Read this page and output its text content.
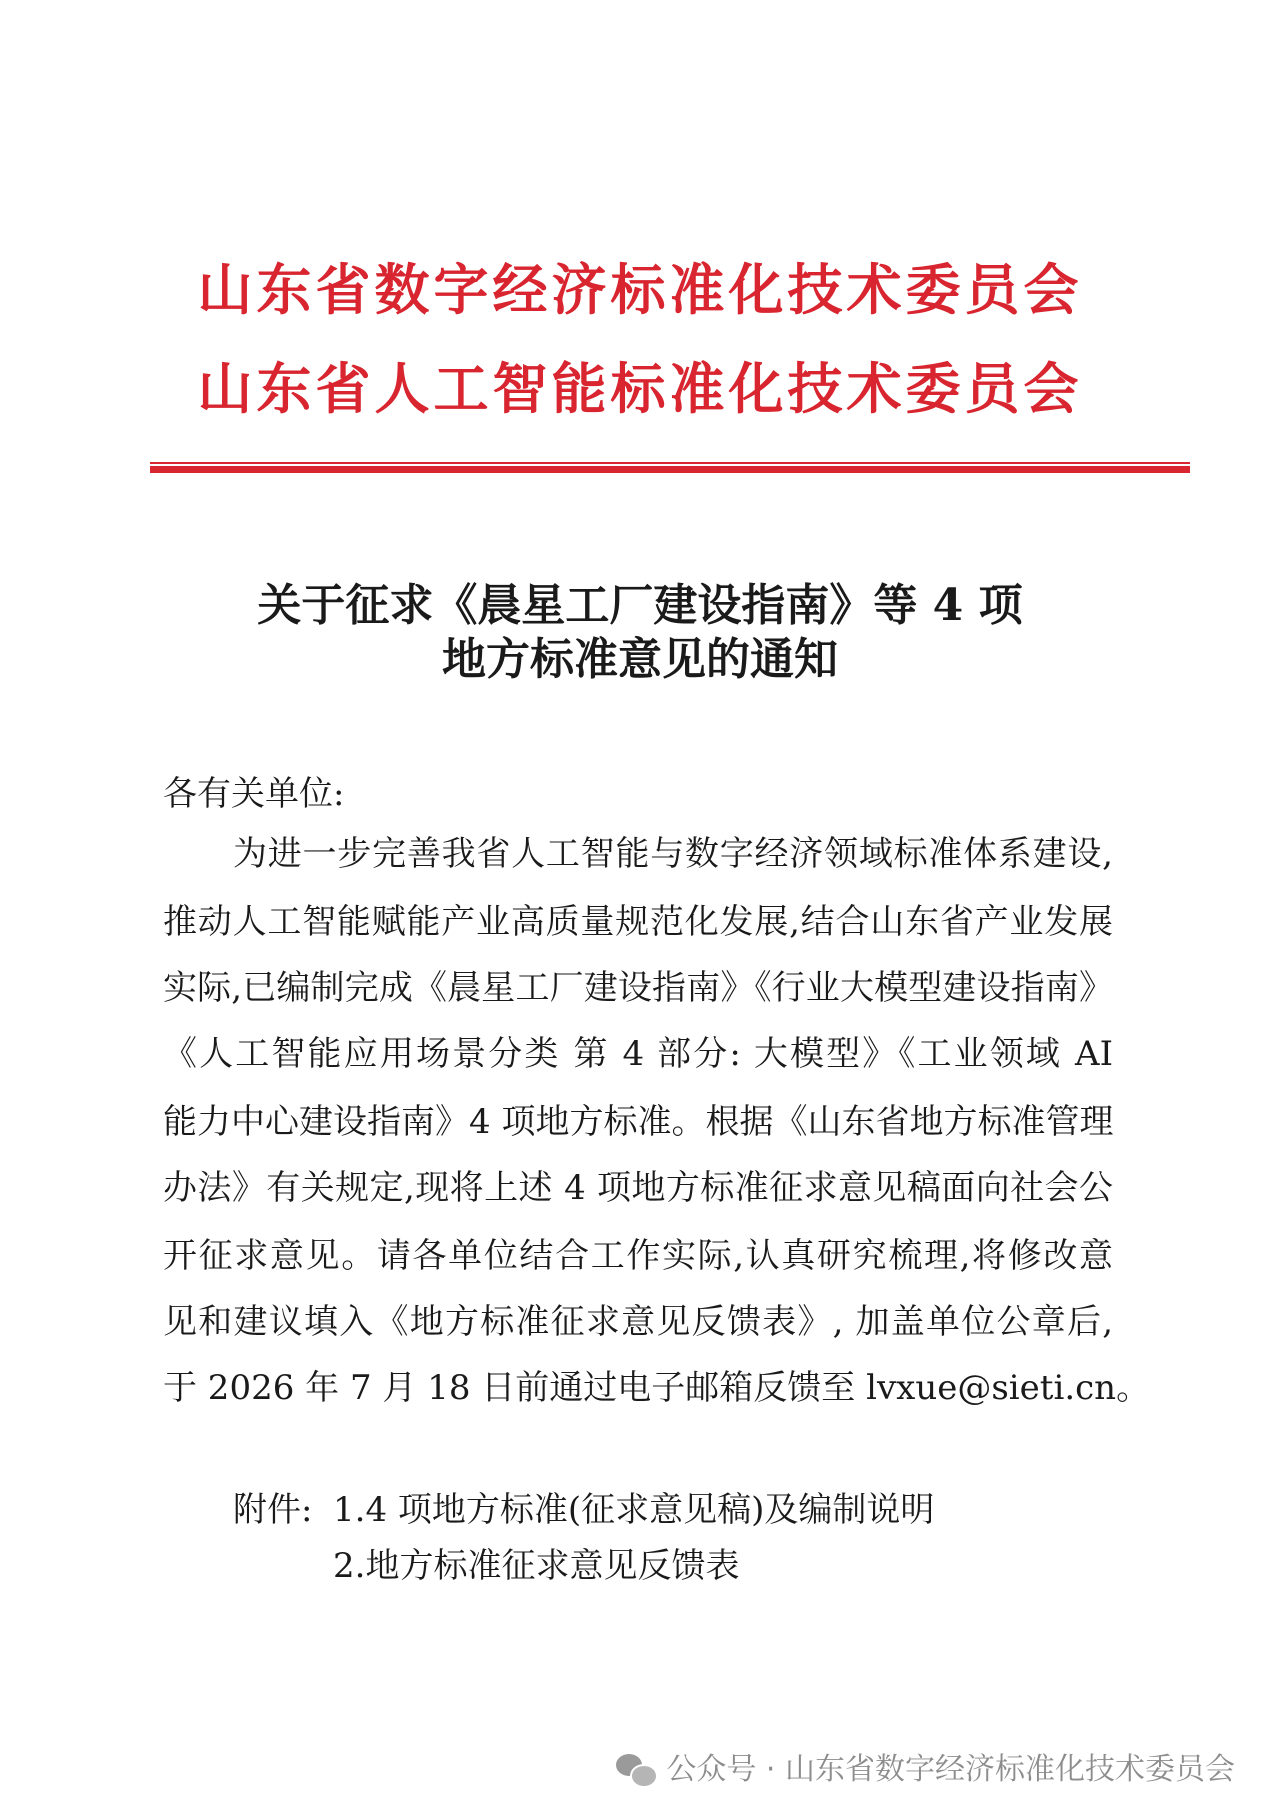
山东省数字经济标准化技术委员会
山东省人工智能标准化技术委员会
关于征求《晨星工厂建设指南》等 4 项
地方标准意见的通知
各有关单位:
为进一步完善我省人工智能与数字经济领域标准体系建设,
推动人工智能赋能产业高质量规范化发展,结合山东省产业发展
实际,已编制完成《晨星工厂建设指南》《行业大模型建设指南》
《人工智能应用场景分类 第 4 部分: 大模型》《工业领域 AI
能力中心建设指南》4 项地方标准。根据《山东省地方标准管理
办法》有关规定,现将上述 4 项地方标准征求意见稿面向社会公
开征求意见。请各单位结合工作实际,认真研究梳理,将修改意
见和建议填入《地方标准征求意见反馈表》, 加盖单位公章后,
于 2026 年 7 月 18 日前通过电子邮箱反馈至 lvxue@sieti.cn。
附件: 1.4 项地方标准(征求意见稿)及编制说明
2.地方标准征求意见反馈表
公众号 · 山东省数字经济标准化技术委员会
